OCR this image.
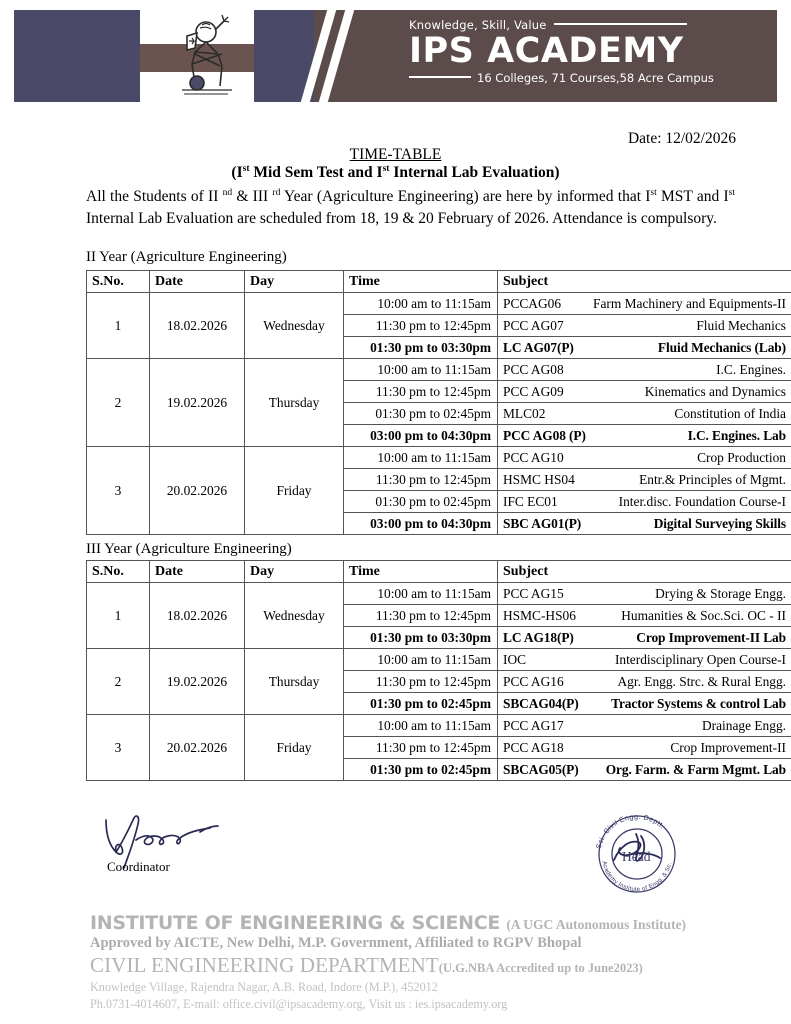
Knowledge, Skill, Value
IPS ACADEMY
16 Colleges, 71 Courses,58 Acre Campus
Date: 12/02/2026
TIME-TABLE
(Ist Mid Sem Test and Ist Internal Lab Evaluation)
All the Students of II $^{nd}$ & III $^{rd}$ Year (Agriculture Engineering) are here by informed that Ist MST and Ist Internal Lab Evaluation are scheduled from 18, 19 & 20 February of 2026. Attendance is compulsory.
II Year (Agriculture Engineering)
S.No.	Date	Day	Time	Subject
1	18.02.2026	Wednesday	10:00 am to 11:15am	PCCAG06 Farm Machinery and Equipments-II

			11:30 pm to 12:45pm	PCC AG07 Fluid Mechanics

			01:30 pm to 03:30pm	LC AG07(P) Fluid Mechanics (Lab)

2	19.02.2026	Thursday	10:00 am to 11:15am	PCC AG08 I.C. Engines.

			11:30 pm to 12:45pm	PCC AG09 Kinematics and Dynamics

			01:30 pm to 02:45pm	MLC02 Constitution of India

			03:00 pm to 04:30pm	PCC AG08 (P) I.C. Engines. Lab

3	20.02.2026	Friday	10:00 am to 11:15am	PCC AG10 Crop Production

			11:30 pm to 12:45pm	HSMC HS04 Entr.& Principles of Mgmt.

			01:30 pm to 02:45pm	IFC EC01 Inter.disc. Foundation Course-I

			03:00 pm to 04:30pm	SBC AG01(P) Digital Surveying Skills
III Year (Agriculture Engineering)
S.No.	Date	Day	Time	Subject
1	18.02.2026	Wednesday	10:00 am to 11:15am	PCC AG15 Drying & Storage Engg.

			11:30 pm to 12:45pm	HSMC-HS06 Humanities & Soc.Sci. OC - II

			01:30 pm to 03:30pm	LC AG18(P) Crop Improvement-II Lab

2	19.02.2026	Thursday	10:00 am to 11:15am	IOC Interdisciplinary Open Course-I

			11:30 pm to 12:45pm	PCC AG16 Agr. Engg. Strc. & Rural Engg.

			01:30 pm to 02:45pm	SBCAG04(P) Tractor Systems & control Lab

3	20.02.2026	Friday	10:00 am to 11:15am	PCC AG17 Drainage Engg.

			11:30 pm to 12:45pm	PCC AG18 Crop Improvement-II

			01:30 pm to 02:45pm	SBCAG05(P) Org. Farm. & Farm Mgmt. Lab
Coordinator
Sci. Civil Engg. Deptt.
Academy Institute of Engg. & Sc.
Head
INSTITUTE OF ENGINEERING & SCIENCE (A UGC Autonomous Institute)
Approved by AICTE, New Delhi, M.P. Government, Affiliated to RGPV Bhopal
CIVIL ENGINEERING DEPARTMENT(U.G.NBA Accredited up to June2023)
Knowledge Village, Rajendra Nagar, A.B. Road, Indore (M.P.), 452012
Ph.0731-4014607, E-mail: office.civil@ipsacademy.org, Visit us : ies.ipsacademy.org
